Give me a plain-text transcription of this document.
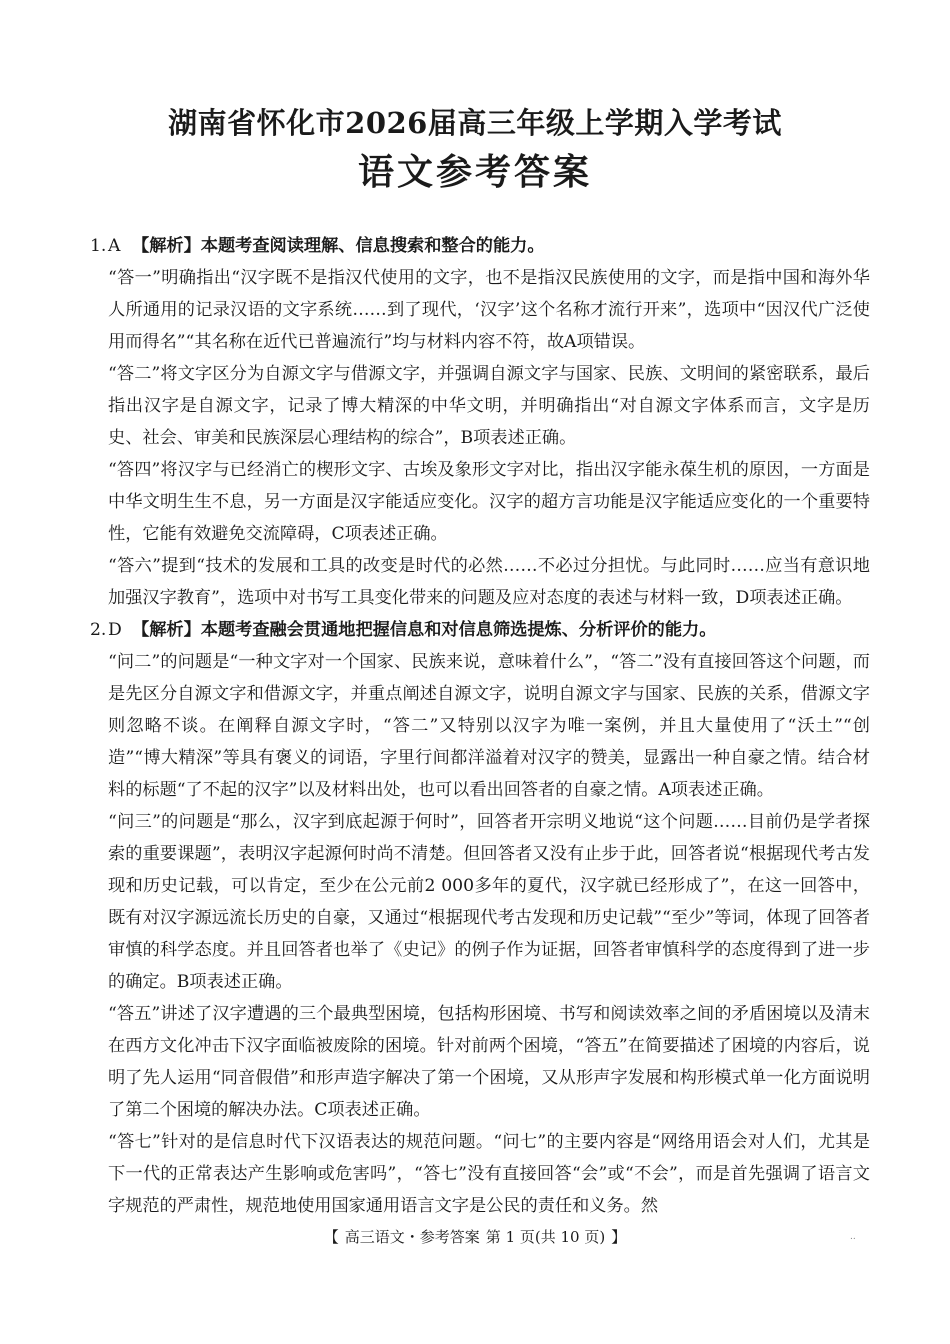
湖南省怀化市2026届高三年级上学期入学考试
语文参考答案
1.A 【解析】本题考查阅读理解、信息搜索和整合的能力。

“答一”明确指出“汉字既不是指汉代使用的文字，也不是指汉民族使用的文字，而是指中国和海外华人所通用的记录汉语的文字系统……到了现代，‘汉字’这个名称才流行开来”，选项中“因汉代广泛使用而得名”“其名称在近代已普遍流行”均与材料内容不符，故A项错误。

“答二”将文字区分为自源文字与借源文字，并强调自源文字与国家、民族、文明间的紧密联系，最后指出汉字是自源文字，记录了博大精深的中华文明，并明确指出“对自源文字体系而言，文字是历史、社会、审美和民族深层心理结构的综合”，B项表述正确。

“答四”将汉字与已经消亡的楔形文字、古埃及象形文字对比，指出汉字能永葆生机的原因，一方面是中华文明生生不息，另一方面是汉字能适应变化。汉字的超方言功能是汉字能适应变化的一个重要特性，它能有效避免交流障碍，C项表述正确。

“答六”提到“技术的发展和工具的改变是时代的必然……不必过分担忧。与此同时……应当有意识地加强汉字教育”，选项中对书写工具变化带来的问题及应对态度的表述与材料一致，D项表述正确。

2.D 【解析】本题考查融会贯通地把握信息和对信息筛选提炼、分析评价的能力。

“问二”的问题是“一种文字对一个国家、民族来说，意味着什么”，“答二”没有直接回答这个问题，而是先区分自源文字和借源文字，并重点阐述自源文字，说明自源文字与国家、民族的关系，借源文字则忽略不谈。在阐释自源文字时，“答二”又特别以汉字为唯一案例，并且大量使用了“沃土”“创造”“博大精深”等具有褒义的词语，字里行间都洋溢着对汉字的赞美，显露出一种自豪之情。结合材料的标题“了不起的汉字”以及材料出处，也可以看出回答者的自豪之情。A项表述正确。

“问三”的问题是“那么，汉字到底起源于何时”，回答者开宗明义地说“这个问题……目前仍是学者探索的重要课题”，表明汉字起源何时尚不清楚。但回答者又没有止步于此，回答者说“根据现代考古发现和历史记载，可以肯定，至少在公元前2 000多年的夏代，汉字就已经形成了”，在这一回答中，既有对汉字源远流长历史的自豪，又通过“根据现代考古发现和历史记载”“至少”等词，体现了回答者审慎的科学态度。并且回答者也举了《史记》的例子作为证据，回答者审慎科学的态度得到了进一步的确定。B项表述正确。

“答五”讲述了汉字遭遇的三个最典型困境，包括构形困境、书写和阅读效率之间的矛盾困境以及清末在西方文化冲击下汉字面临被废除的困境。针对前两个困境，“答五”在简要描述了困境的内容后，说明了先人运用“同音假借”和形声造字解决了第一个困境，又从形声字发展和构形模式单一化方面说明了第二个困境的解决办法。C项表述正确。

“答七”针对的是信息时代下汉语表达的规范问题。“问七”的主要内容是“网络用语会对人们，尤其是下一代的正常表达产生影响或危害吗”，“答七”没有直接回答“会”或“不会”，而是首先强调了语言文字规范的严肃性，规范地使用国家通用语言文字是公民的责任和义务。然

【 高三语文・参考答案 第 1 页(共 10 页) 】	..
